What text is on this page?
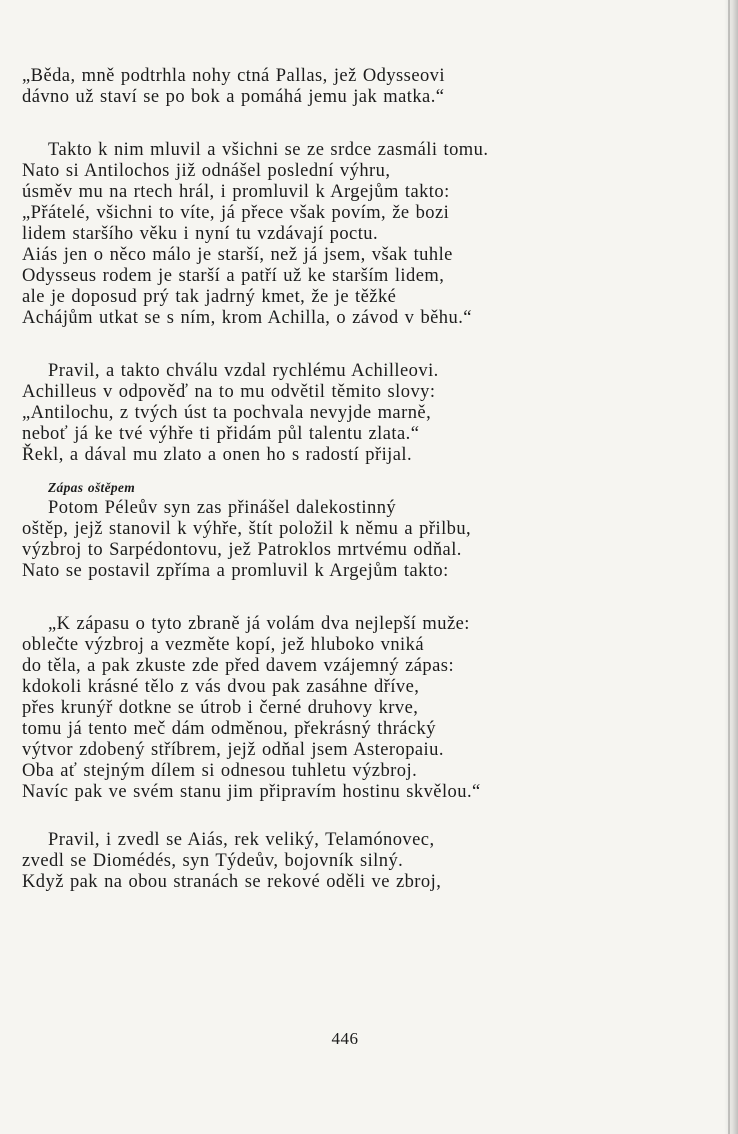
„Běda, mně podtrhla nohy ctná Pallas, jež Odysseovi
dávno už staví se po bok a pomáhá jemu jak matka.“
Takto k nim mluvil a všichni se ze srdce zasmáli tomu.
Nato si Antilochos již odnášel poslední výhru,
úsměv mu na rtech hrál, i promluvil k Argejům takto:
„Přátelé, všichni to víte, já přece však povím, že bozi
lidem staršího věku i nyní tu vzdávají poctu.
Aiás jen o něco málo je starší, než já jsem, však tuhle
Odysseus rodem je starší a patří už ke starším lidem,
ale je doposud prý tak jadrný kmet, že je těžké
Achájům utkat se s ním, krom Achilla, o závod v běhu.“
Pravil, a takto chválu vzdal rychlému Achilleovi.
Achilleus v odpověď na to mu odvětil těmito slovy:
„Antilochu, z tvých úst ta pochvala nevyjde marně,
neboť já ke tvé výhře ti přidám půl talentu zlata.“
Řekl, a dával mu zlato a onen ho s radostí přijal.
Zápas oštěpem
Potom Péleův syn zas přinášel dalekostinný
oštěp, jejž stanovil k výhře, štít položil k němu a přilbu,
výzbroj to Sarpédontovu, jež Patroklos mrtvému odňal.
Nato se postavil zpříma a promluvil k Argejům takto:
„K zápasu o tyto zbraně já volám dva nejlepší muže:
oblečte výzbroj a vezměte kopí, jež hluboko vniká
do těla, a pak zkuste zde před davem vzájemný zápas:
kdokoli krásné tělo z vás dvou pak zasáhne dříve,
přes krunýř dotkne se útrob i černé druhovy krve,
tomu já tento meč dám odměnou, překrásný thrácký
výtvor zdobený stříbrem, jejž odňal jsem Asteropaiu.
Oba ať stejným dílem si odnesou tuhletu výzbroj.
Navíc pak ve svém stanu jim připravím hostinu skvělou.“
Pravil, i zvedl se Aiás, rek veliký, Telamónovec,
zvedl se Diomédés, syn Týdeův, bojovník silný.
Když pak na obou stranách se rekové oděli ve zbroj,
446
